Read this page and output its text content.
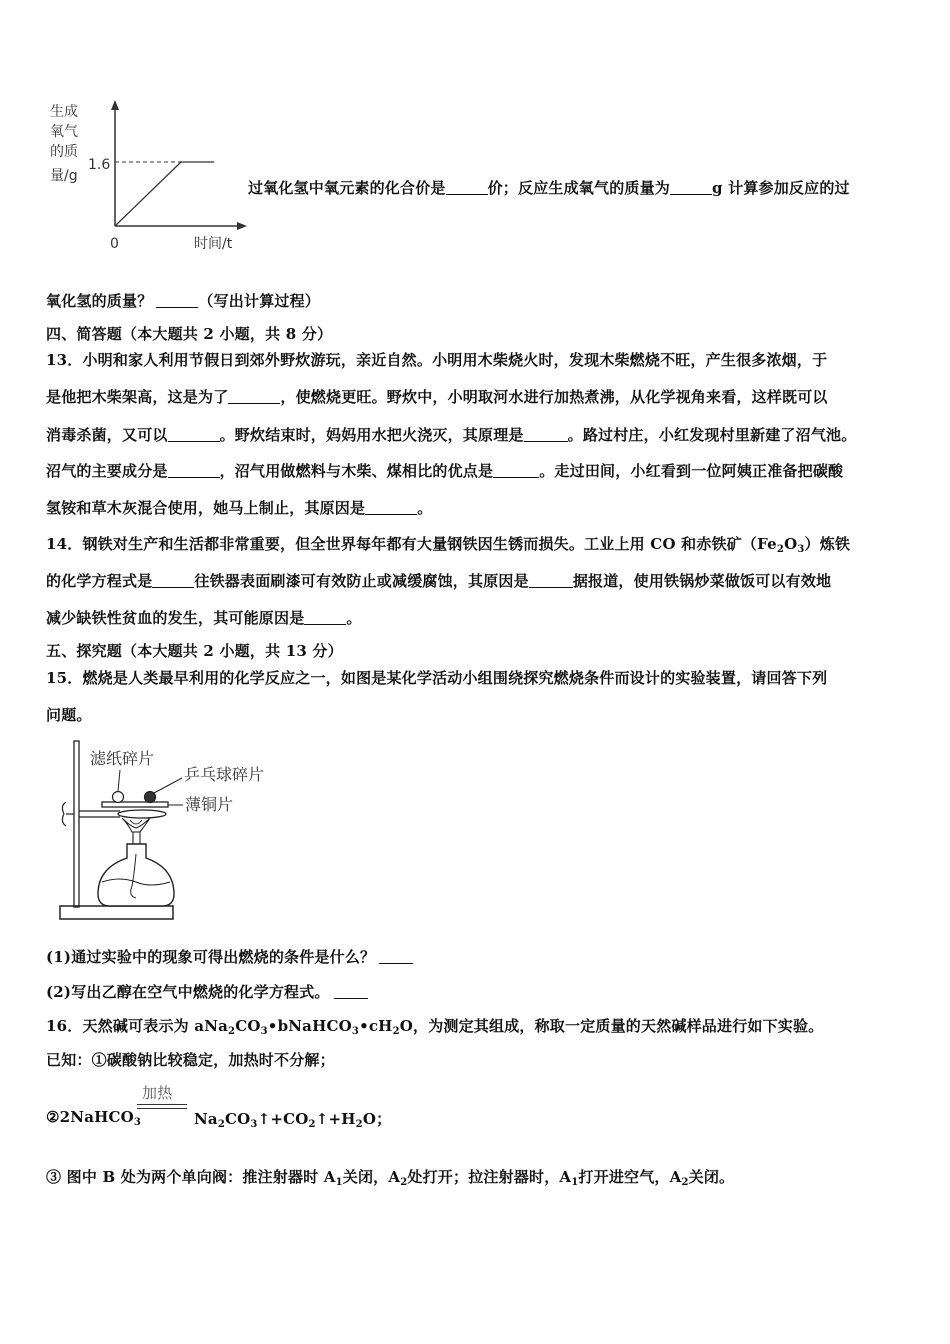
生成
氧气
的质
量/g
1.6
0	时间/t
过氧化氢中氧元素的化合价是	价；反应生成氧气的质量为	g 计算参加反应的过
氧化氢的质量？	（写出计算过程）
四、简答题（本大题共 2 小题，共 8 分）
13．小明和家人利用节假日到郊外野炊游玩，亲近自然。小明用木柴烧火时，发现木柴燃烧不旺，产生很多浓烟，于
是他把木柴架高，这是为了	，使燃烧更旺。野炊中，小明取河水进行加热煮沸，从化学视角来看，这样既可以
消毒杀菌，又可以	。野炊结束时，妈妈用水把火浇灭，其原理是	。路过村庄，小红发现村里新建了沼气池。
沼气的主要成分是	，沼气用做燃料与木柴、煤相比的优点是	。走过田间，小红看到一位阿姨正准备把碳酸
氢铵和草木灰混合使用，她马上制止，其原因是	。
14．钢铁对生产和生活都非常重要，但全世界每年都有大量钢铁因生锈而损失。工业上用 CO 和赤铁矿$(Fe_2O_3)$炼铁
的化学方程式是	往铁器表面刷漆可有效防止或减缓腐蚀，其原因是	据报道，使用铁锅炒菜做饭可以有效地
减少缺铁性贫血的发生，其可能原因是	。
五、探究题（本大题共 2 小题，共 13 分）
15．燃烧是人类最早利用的化学反应之一，如图是某化学活动小组围绕探究燃烧条件而设计的实验装置，请回答下列
问题。
滤纸碎片
乒乓球碎片
薄铜片
(1)通过实验中的现象可得出燃烧的条件是什么？
(2)写出乙醇在空气中燃烧的化学方程式。
16．天然碱可表示为 $aNa_2CO_3•bNaHCO_3•cH_2O$，为测定其组成，称取一定质量的天然碱样品进行如下实验。
已知：①碳酸钠比较稳定，加热时不分解；
加热
②2NaHCO$_3$	$Na_2CO_3↑+CO_2↑+H_2O$；
③ 图中 B 处为两个单向阀：推注射器时 $A_1$关闭，$A_2$处打开；拉注射器时，$A_1$打开进空气，$A_2$关闭。
